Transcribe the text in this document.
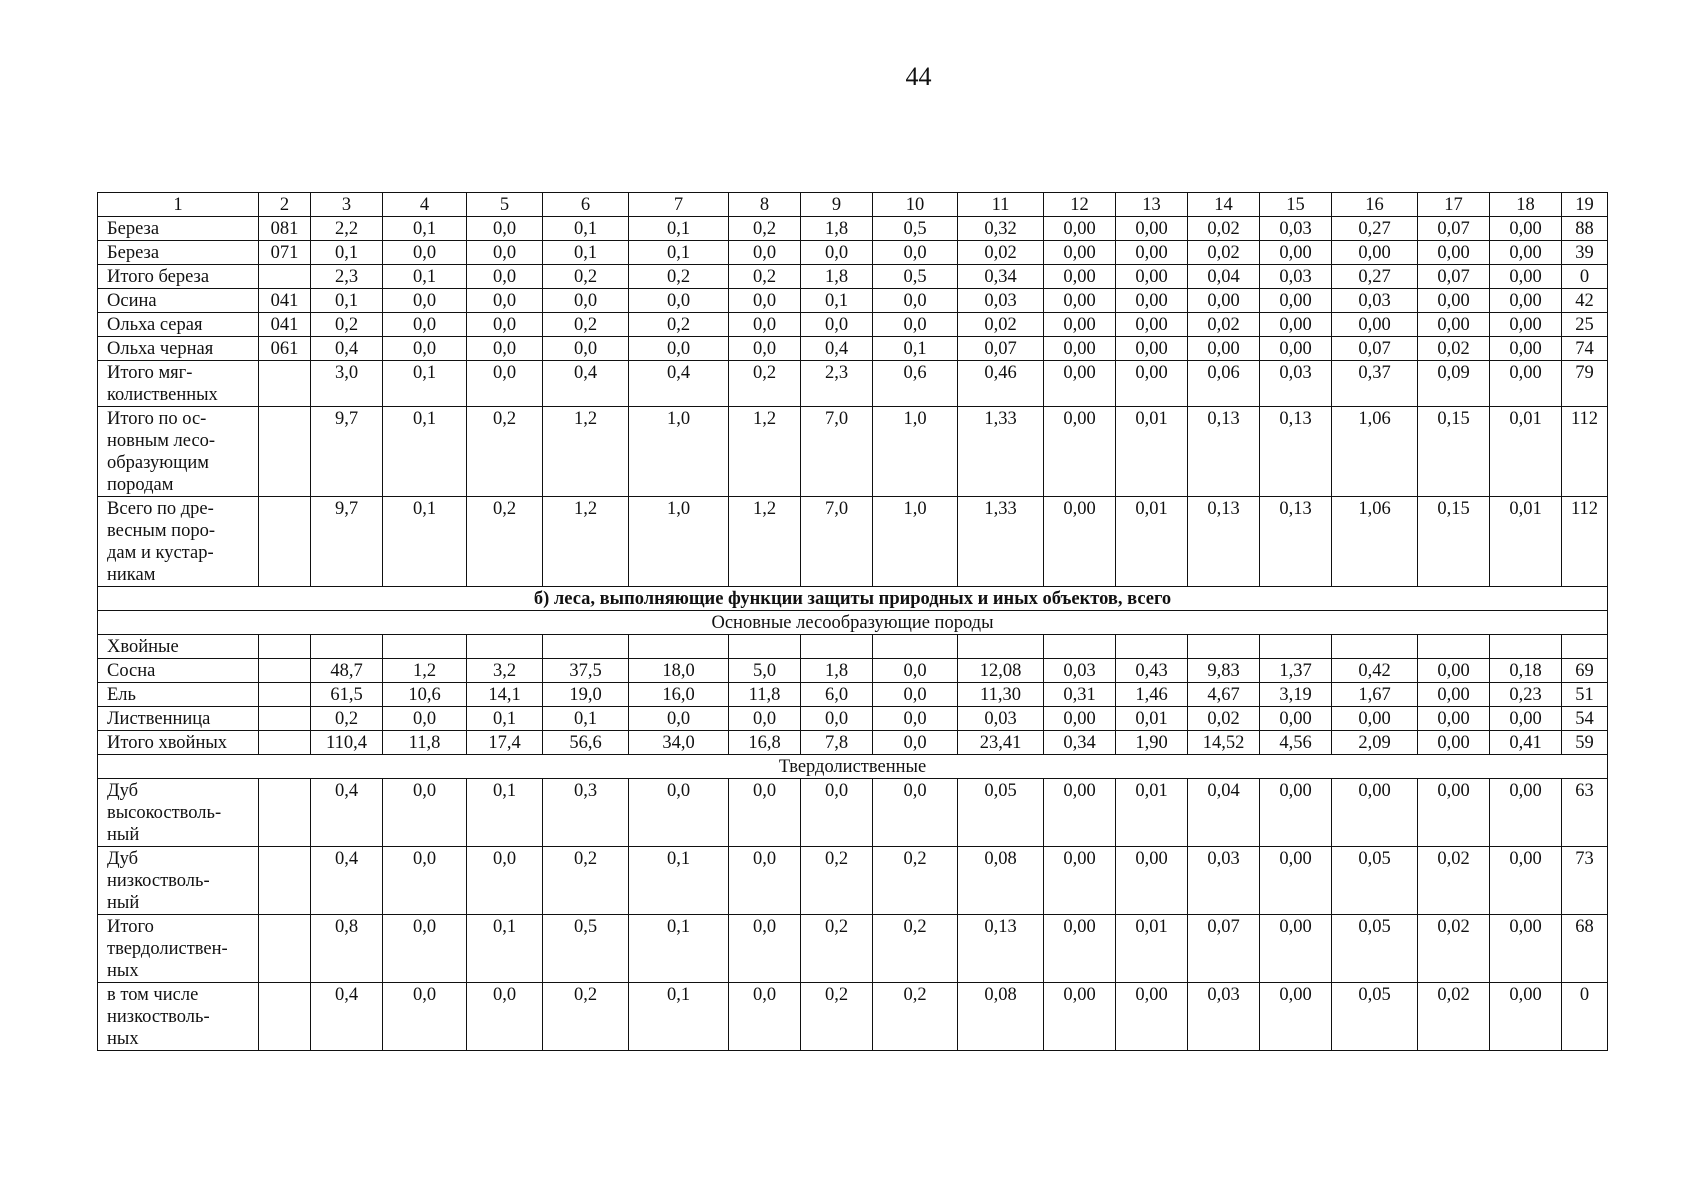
44
1	2	3	4	5	6	7	8	9	10	11	12	13	14	15	16	17	18	19
Береза	081	2,2	0,1	0,0	0,1	0,1	0,2	1,8	0,5	0,32	0,00	0,00	0,02	0,03	0,27	0,07	0,00	88
Береза	071	0,1	0,0	0,0	0,1	0,1	0,0	0,0	0,0	0,02	0,00	0,00	0,02	0,00	0,00	0,00	0,00	39
Итого береза		2,3	0,1	0,0	0,2	0,2	0,2	1,8	0,5	0,34	0,00	0,00	0,04	0,03	0,27	0,07	0,00	0
Осина	041	0,1	0,0	0,0	0,0	0,0	0,0	0,1	0,0	0,03	0,00	0,00	0,00	0,00	0,03	0,00	0,00	42
Ольха серая	041	0,2	0,0	0,0	0,2	0,2	0,0	0,0	0,0	0,02	0,00	0,00	0,02	0,00	0,00	0,00	0,00	25
Ольха черная	061	0,4	0,0	0,0	0,0	0,0	0,0	0,4	0,1	0,07	0,00	0,00	0,00	0,00	0,07	0,02	0,00	74
Итого мяг-
колиственных		3,0	0,1	0,0	0,4	0,4	0,2	2,3	0,6	0,46	0,00	0,00	0,06	0,03	0,37	0,09	0,00	79
Итого по ос-
новным лесо-
образующим
породам		9,7	0,1	0,2	1,2	1,0	1,2	7,0	1,0	1,33	0,00	0,01	0,13	0,13	1,06	0,15	0,01	112
Всего по дре-
весным поро-
дам и кустар-
никам		9,7	0,1	0,2	1,2	1,0	1,2	7,0	1,0	1,33	0,00	0,01	0,13	0,13	1,06	0,15	0,01	112
б) леса, выполняющие функции защиты природных и иных объектов, всего																		
Основные лесообразующие породы																		
Хвойные																		
Сосна		48,7	1,2	3,2	37,5	18,0	5,0	1,8	0,0	12,08	0,03	0,43	9,83	1,37	0,42	0,00	0,18	69
Ель		61,5	10,6	14,1	19,0	16,0	11,8	6,0	0,0	11,30	0,31	1,46	4,67	3,19	1,67	0,00	0,23	51
Лиственница		0,2	0,0	0,1	0,1	0,0	0,0	0,0	0,0	0,03	0,00	0,01	0,02	0,00	0,00	0,00	0,00	54
Итого хвойных		110,4	11,8	17,4	56,6	34,0	16,8	7,8	0,0	23,41	0,34	1,90	14,52	4,56	2,09	0,00	0,41	59
Твердолиственные																		
Дуб
высокостволь-
ный		0,4	0,0	0,1	0,3	0,0	0,0	0,0	0,0	0,05	0,00	0,01	0,04	0,00	0,00	0,00	0,00	63
Дуб
низкостволь-
ный		0,4	0,0	0,0	0,2	0,1	0,0	0,2	0,2	0,08	0,00	0,00	0,03	0,00	0,05	0,02	0,00	73
Итого
твердолиствен-
ных		0,8	0,0	0,1	0,5	0,1	0,0	0,2	0,2	0,13	0,00	0,01	0,07	0,00	0,05	0,02	0,00	68
в том числе
низкостволь-
ных		0,4	0,0	0,0	0,2	0,1	0,0	0,2	0,2	0,08	0,00	0,00	0,03	0,00	0,05	0,02	0,00	0
